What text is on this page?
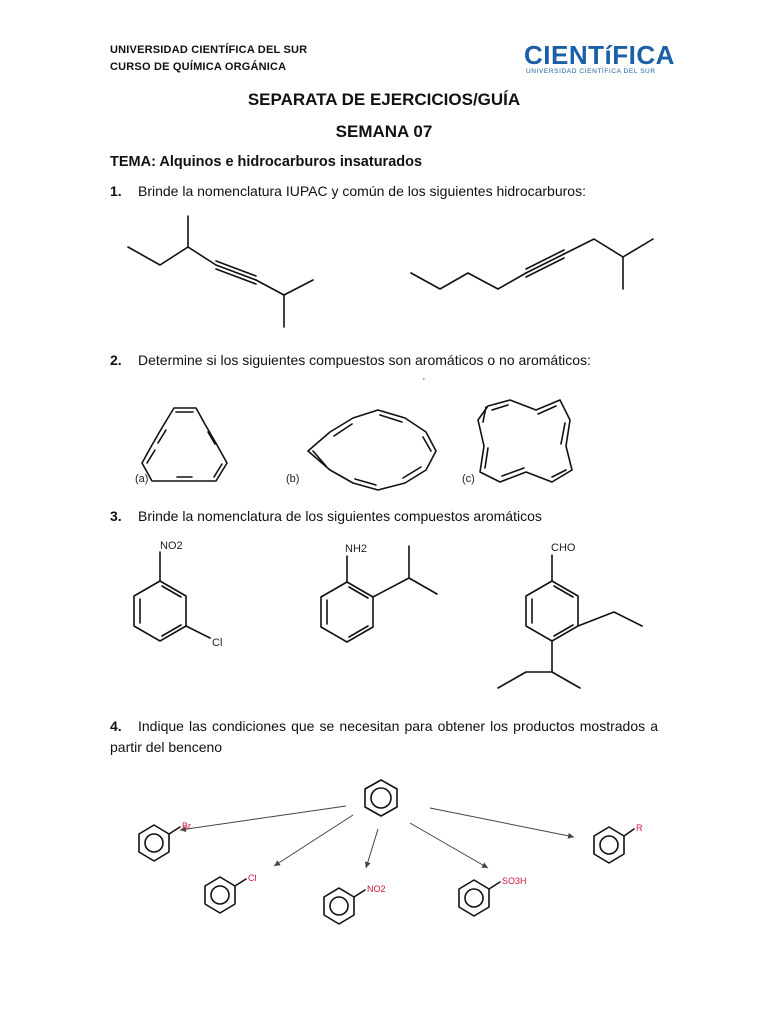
UNIVERSIDAD CIENTÍFICA DEL SUR
CURSO DE QUÍMICA ORGÁNICA	CIENTíFICA
UNIVERSIDAD CIENTÍFICA DEL SUR
SEPARATA DE EJERCICIOS/GUÍA
SEMANA 07
TEMA: Alquinos e hidrocarburos insaturados
1. Brinde la nomenclatura IUPAC y común de los siguientes hidrocarburos:
2. Determine si los siguientes compuestos son aromáticos o no aromáticos:
3. Brinde la nomenclatura de los siguientes compuestos aromáticos
4. Indique las condiciones que se necesitan para obtener los productos mostrados a partir del benceno
(a)	(b)	(c)
NO2
Cl
NH2	CHO
Br
Cl
NO2
SO3H
R
·
